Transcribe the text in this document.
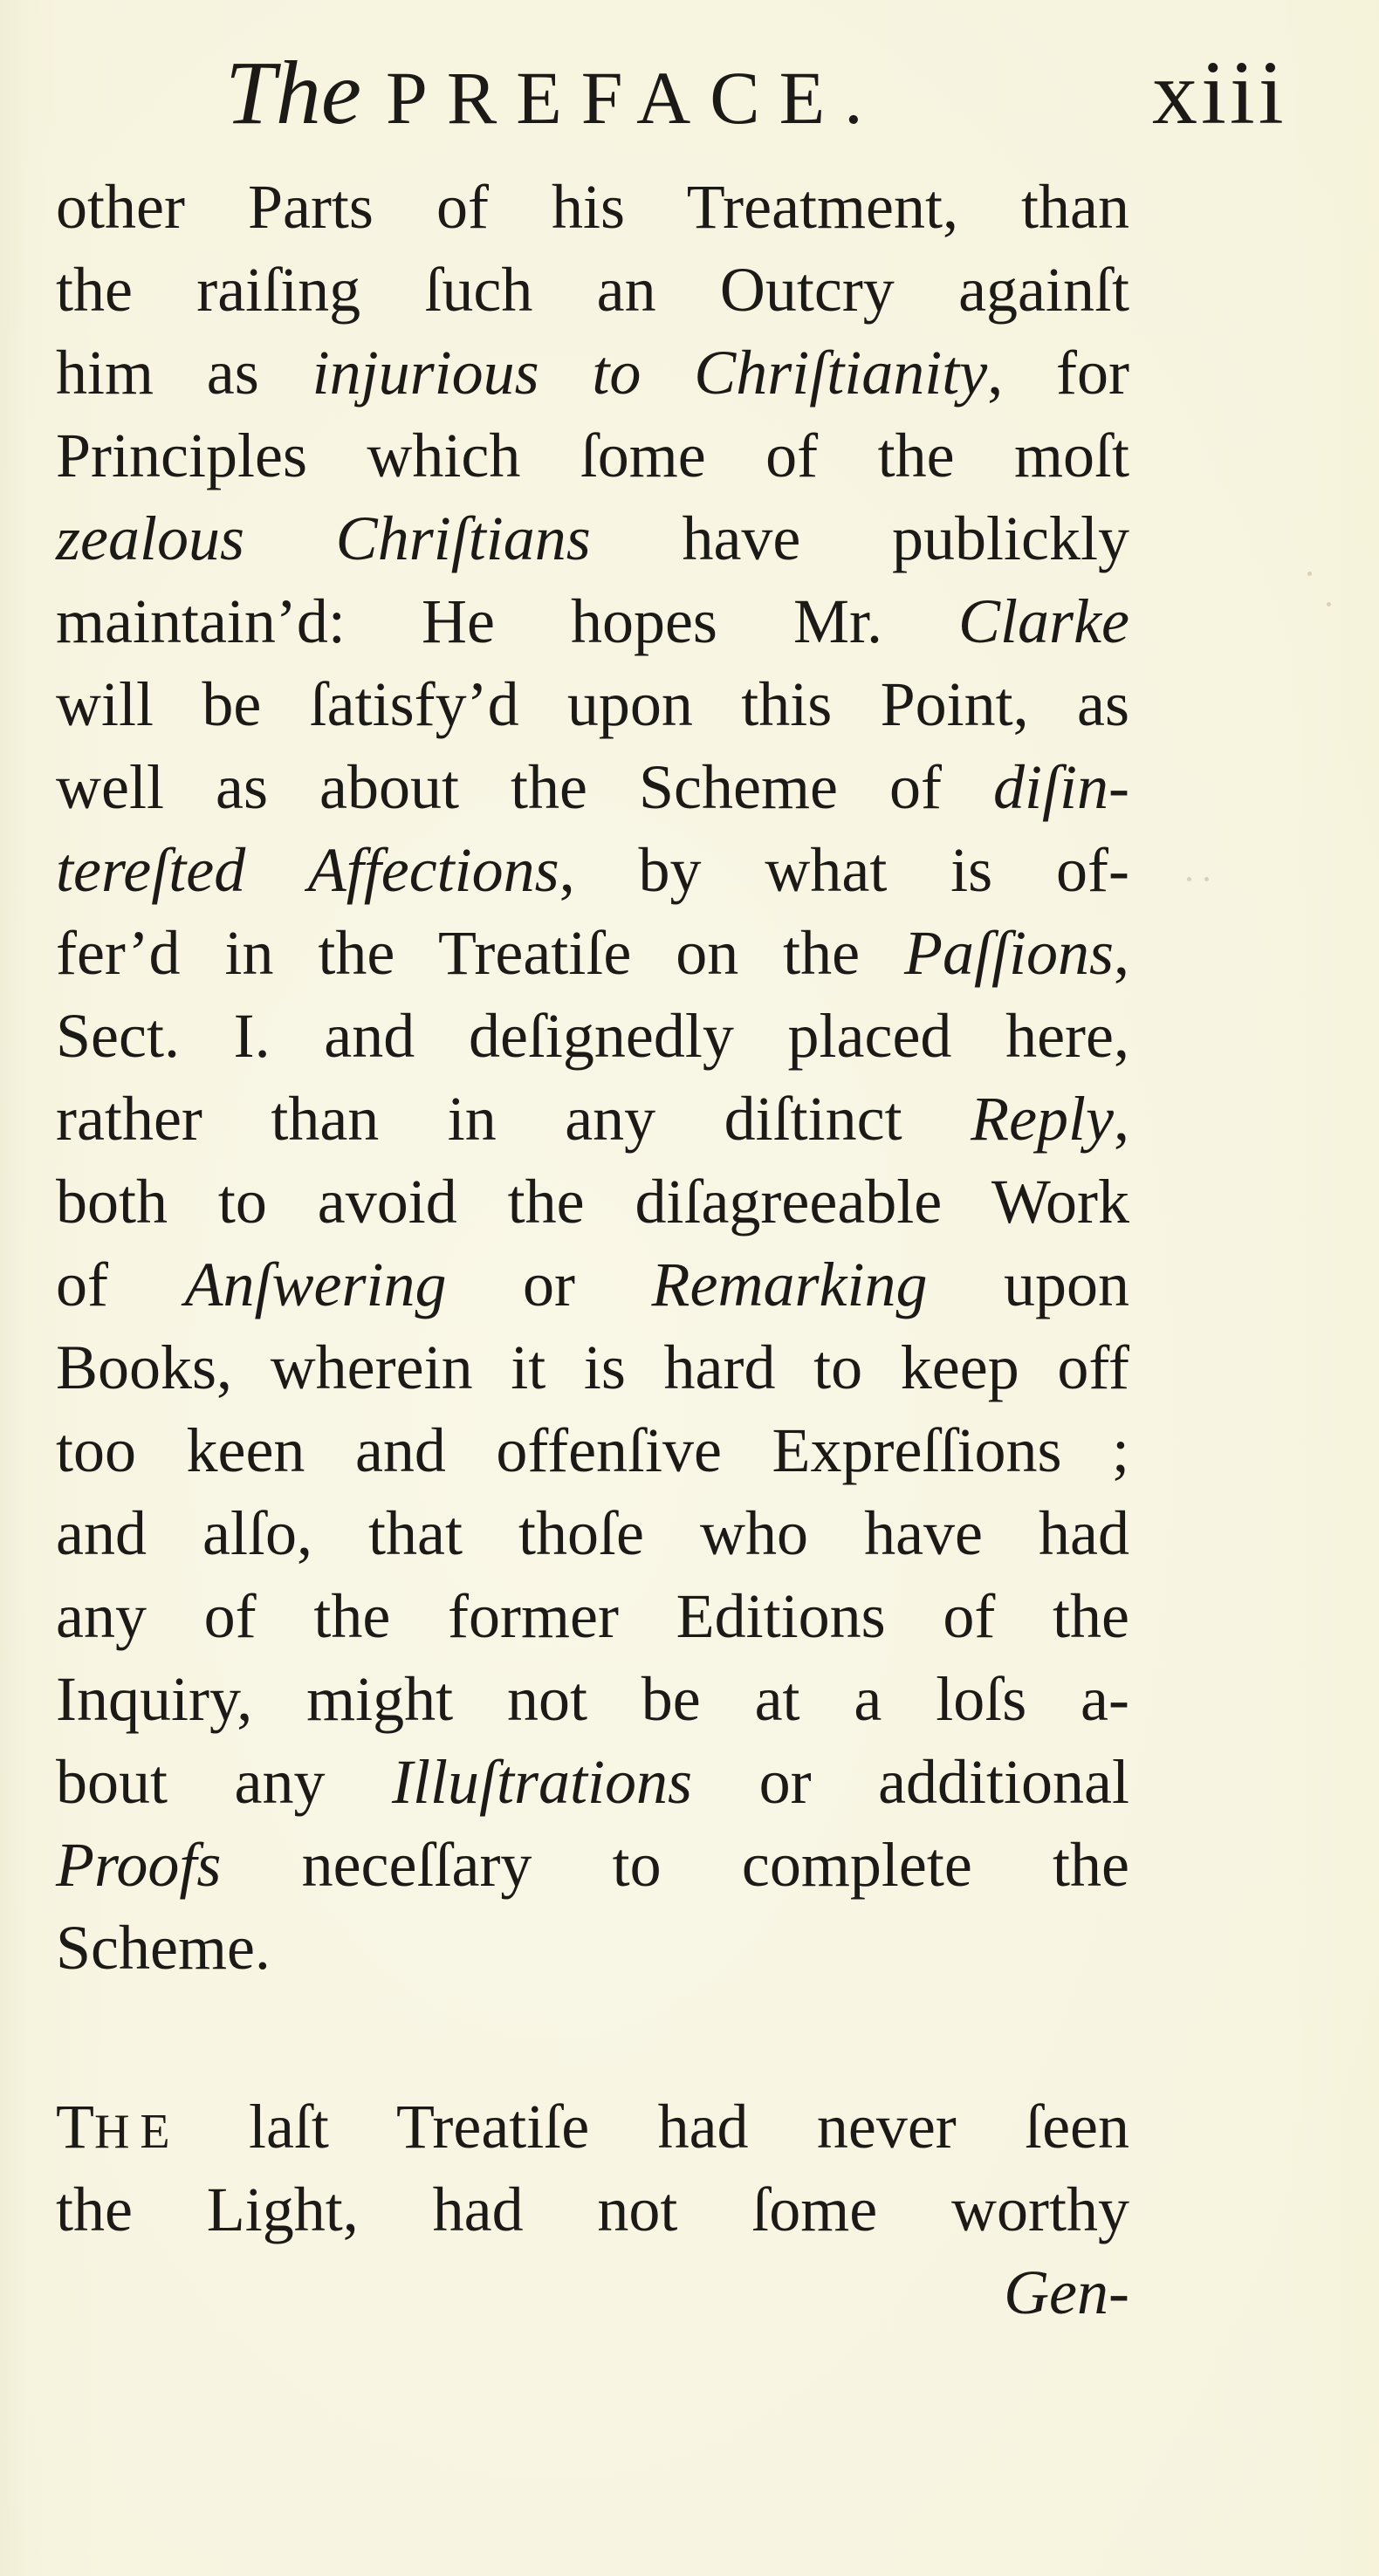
The PREFACE.	xiii
other Parts of his Treatment, than
the raiſing ſuch an Outcry againſt
him as injurious to Chriſtianity, for
Principles which ſome of the moſt
zealous Chriſtians have publickly
maintain’d: He hopes Mr. Clarke
will be ſatisfy’d upon this Point, as
well as about the Scheme of diſin-
tereſted Affections, by what is of-
fer’d in the Treatiſe on the Paſſions,
Sect. I. and deſignedly placed here,
rather than in any diſtinct Reply,
both to avoid the diſagreeable Work
of Anſwering or Remarking upon
Books, wherein it is hard to keep off
too keen and offenſive Expreſſions ;
and alſo, that thoſe who have had
any of the former Editions of the
Inquiry, might not be at a loſs a-
bout any Illuſtrations or additional
Proofs neceſſary to complete the
Scheme.
THE laſt Treatiſe had never ſeen
the Light, had not ſome worthy
Gen-
